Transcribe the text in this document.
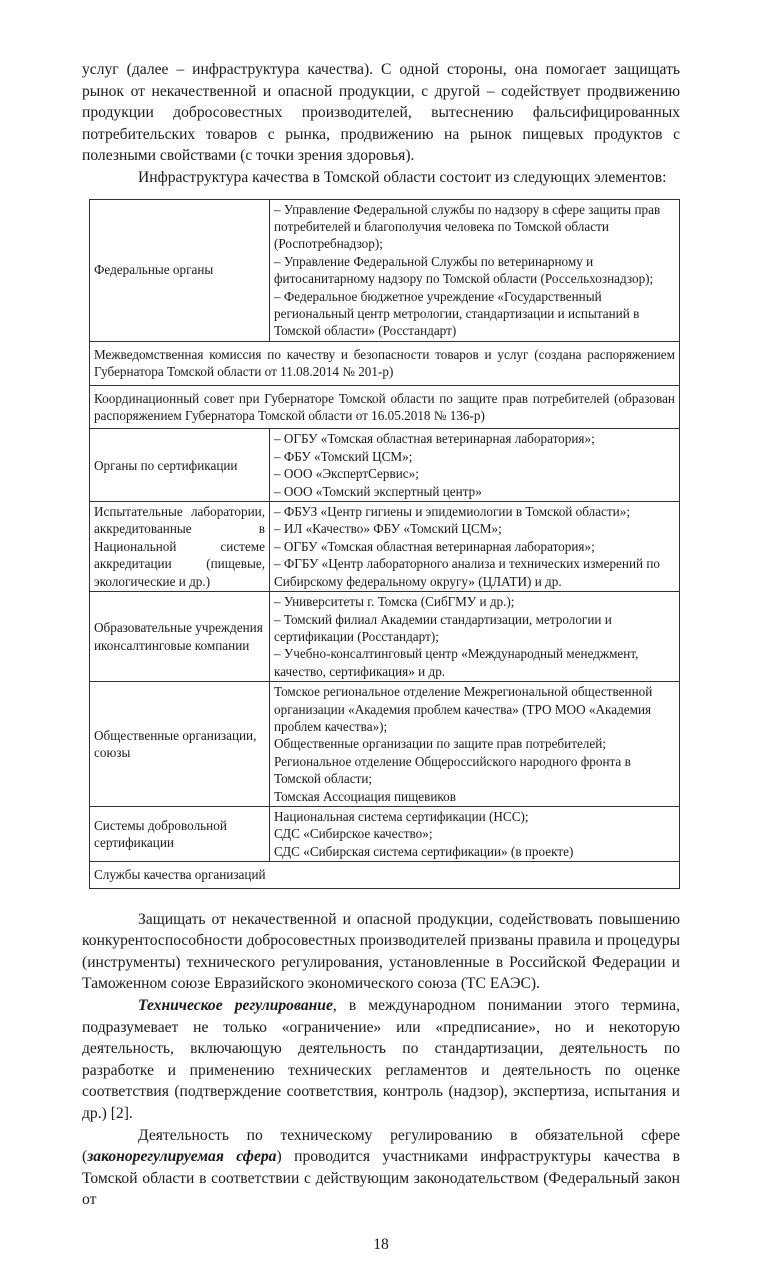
услуг (далее – инфраструктура качества). С одной стороны, она помогает защищать рынок от некачественной и опасной продукции, с другой – содействует продвижению продукции добросовестных производителей, вытеснению фальсифицированных потребительских товаров с рынка, продвижению на рынок пищевых продуктов с полезными свойствами (с точки зрения здоровья).

Инфраструктура качества в Томской области состоит из следующих элементов:

Федеральные органы	– Управление Федеральной службы по надзору в сфере защиты прав потребителей и благополучия человека по Томской области (Роспотребнадзор);
– Управление Федеральной Службы по ветеринарному и фитосанитарному надзору по Томской области (Россельхознадзор);
– Федеральное бюджетное учреждение «Государственный региональный центр метрологии, стандартизации и испытаний в Томской области» (Росстандарт)

Межведомственная комиссия по качеству и безопасности товаров и услуг (создана распоряжением Губернатора Томской области от 11.08.2014 № 201-р)	
Координационный совет при Губернаторе Томской области по защите прав потребителей (образован распоряжением Губернатора Томской области от 16.05.2018 № 136-р)	
Органы по сертификации	– ОГБУ «Томская областная ветеринарная лаборатория»;
– ФБУ «Томский ЦСМ»;
– ООО «ЭкспертСервис»;
– ООО «Томский экспертный центр»

Испытательные лаборатории, аккредитованные в Национальной системе аккредитации (пищевые, экологические и др.)	– ФБУЗ «Центр гигиены и эпидемиологии в Томской области»;
– ИЛ «Качество» ФБУ «Томский ЦСМ»;
– ОГБУ «Томская областная ветеринарная лаборатория»;
– ФГБУ «Центр лабораторного анализа и технических измерений по Сибирскому федеральному округу» (ЦЛАТИ) и др.

Образовательные учреждения иконсалтинговые компании	– Университеты г. Томска (СибГМУ и др.);
– Томский филиал Академии стандартизации, метрологии и сертификации (Росстандарт);
– Учебно-консалтинговый центр «Международный менеджмент, качество, сертификация» и др.

Общественные организации, союзы	Томское региональное отделение Межрегиональной общественной организации «Академия проблем качества» (ТРО МОО «Академия проблем качества»);
Общественные организации по защите прав потребителей;
Региональное отделение Общероссийского народного фронта в Томской области;
Томская Ассоциация пищевиков

Системы добровольной сертификации	Национальная система сертификации (НСС);
СДС «Сибирское качество»;
СДС «Сибирская система сертификации» (в проекте)

Службы качества организаций	

Защищать от некачественной и опасной продукции, содействовать повышению конкурентоспособности добросовестных производителей призваны правила и процедуры (инструменты) технического регулирования, установленные в Российской Федерации и Таможенном союзе Евразийского экономического союза (ТС ЕАЭС).

Техническое регулирование, в международном понимании этого термина, подразумевает не только «ограничение» или «предписание», но и некоторую деятельность, включающую деятельность по стандартизации, деятельность по разработке и применению технических регламентов и деятельность по оценке соответствия (подтверждение соответствия, контроль (надзор), экспертиза, испытания и др.) [2].

Деятельность по техническому регулированию в обязательной сфере (законорегулируемая сфера) проводится участниками инфраструктуры качества в Томской области в соответствии с действующим законодательством (Федеральный закон от

18
